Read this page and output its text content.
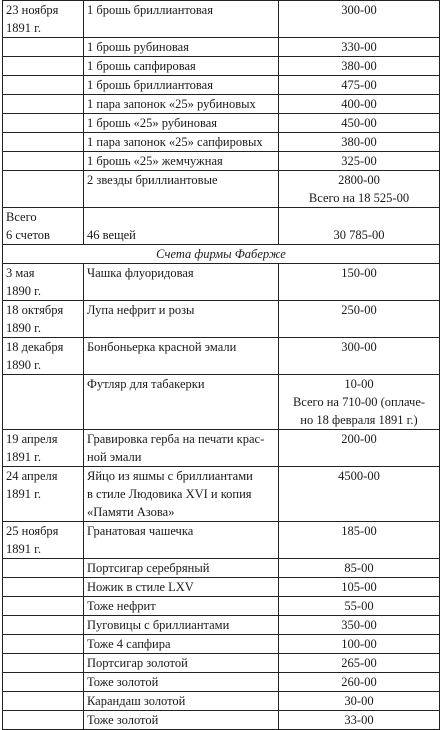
23 ноября
1891 г.	1 брошь бриллиантовая	300-00

	1 брошь рубиновая	330-00

	1 брошь сапфировая	380-00

	1 брошь бриллиантовая	475-00

	1 пара запонок «25» рубиновых	400-00

	1 брошь «25» рубиновая	450-00

	1 пара запонок «25» сапфировых	380-00

	1 брошь «25» жемчужная	325-00

	2 звезды бриллиантовые	2800-00
Всего на 18 525-00

Всего
6 счетов	46 вещей	30 785-00

Счета фирмы Фаберже		

3 мая
1890 г.	Чашка флуоридовая	150-00

18 октября
1890 г.	Лупа нефрит и розы	250-00

18 декабря
1890 г.	Бонбоньерка красной эмали	300-00

	Футляр для табакерки	10-00
Всего на 710-00 (оплаче-
но 18 февраля 1891 г.)

19 апреля
1891 г.	Гравировка герба на печати крас-
ной эмали	200-00

24 апреля
1891 г.	Яйцо из яшмы с бриллиантами
в стиле Людовика XVI и копия
«Памяти Азова»	4500-00

25 ноября
1891 г.	Гранатовая чашечка	185-00

	Портсигар серебряный	85-00

	Ножик в стиле LXV	105-00

	Тоже нефрит	55-00

	Пуговицы с бриллиантами	350-00

	Тоже 4 сапфира	100-00

	Портсигар золотой	265-00

	Тоже золотой	260-00

	Карандаш золотой	30-00

	Тоже золотой	33-00
